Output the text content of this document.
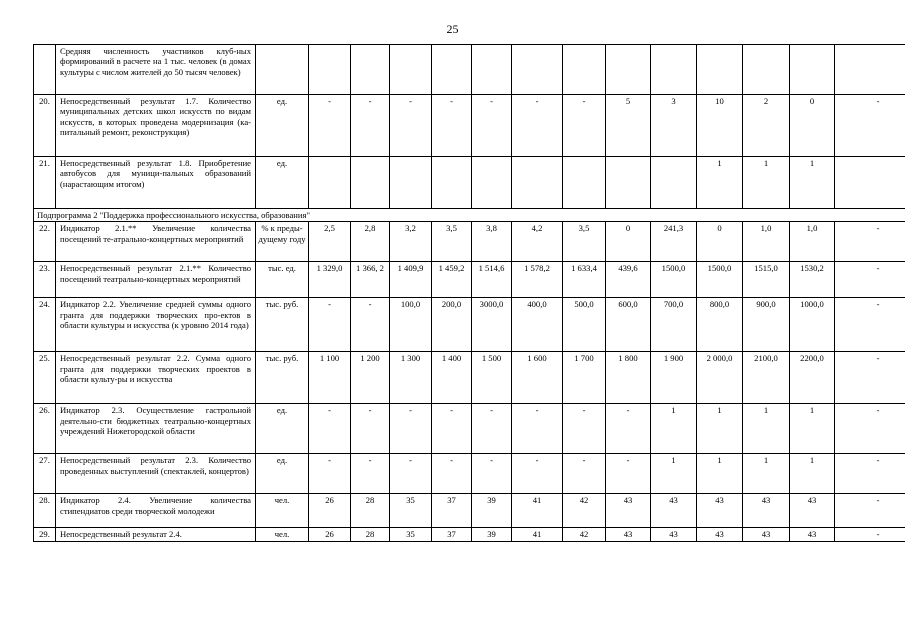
25
	Средняя численность участников клуб-ных формирований в расчете на 1 тыс. человек (в домах культуры с числом жителей до 50 тысяч человек)														
20.	Непосредственный результат 1.7. Количество муниципальных детских школ искусств по видам искусств, в которых проведена модернизация (ка-питальный ремонт, реконструкция)	ед.	-	-	-	-	-	-	-	5	3	10	2	0	-
21.	Непосредственный результат 1.8. Приобретение автобусов для муници-пальных образований (нарастающим итогом)	ед.										1	1	1	
Подпрограмма 2 "Поддержка профессионального искусства, образования"															
22.	Индикатор 2.1.** Увеличение количества посещений те-атрально-концертных мероприятий	% к преды-дущему году	2,5	2,8	3,2	3,5	3,8	4,2	3,5	0	241,3	0	1,0	1,0	-
23.	Непосредственный результат 2.1.** Количество посещений театрально-концертных мероприятий	тыс. ед.	1 329,0	1 366, 2	1 409,9	1 459,2	1 514,6	1 578,2	1 633,4	439,6	1500,0	1500,0	1515,0	1530,2	-
24.	Индикатор 2.2. Увеличение средней суммы одного гранта для поддержки творческих про-ектов в области культуры и искусства (к уровню 2014 года)	тыс. руб.	-	-	100,0	200,0	3000,0	400,0	500,0	600,0	700,0	800,0	900,0	1000,0	-
25.	Непосредственный результат 2.2. Сумма одного гранта для поддержки творческих проектов в области культу-ры и искусства	тыс. руб.	1 100	1 200	1 300	1 400	1 500	1 600	1 700	1 800	1 900	2 000,0	2100,0	2200,0	-
26.	Индикатор 2.3. Осуществление гастрольной деятельно-сти бюджетных театрально-концертных учреждений Нижегородской области	ед.	-	-	-	-	-	-	-	-	1	1	1	1	-
27.	Непосредственный результат 2.3. Количество проведенных выступлений (спектаклей, концертов)	ед.	-	-	-	-	-	-	-	-	1	1	1	1	-
28.	Индикатор 2.4. Увеличение количества стипендиатов среди творческой молодежи	чел.	26	28	35	37	39	41	42	43	43	43	43	43	-
29.	Непосредственный результат 2.4.	чел.	26	28	35	37	39	41	42	43	43	43	43	43	-
